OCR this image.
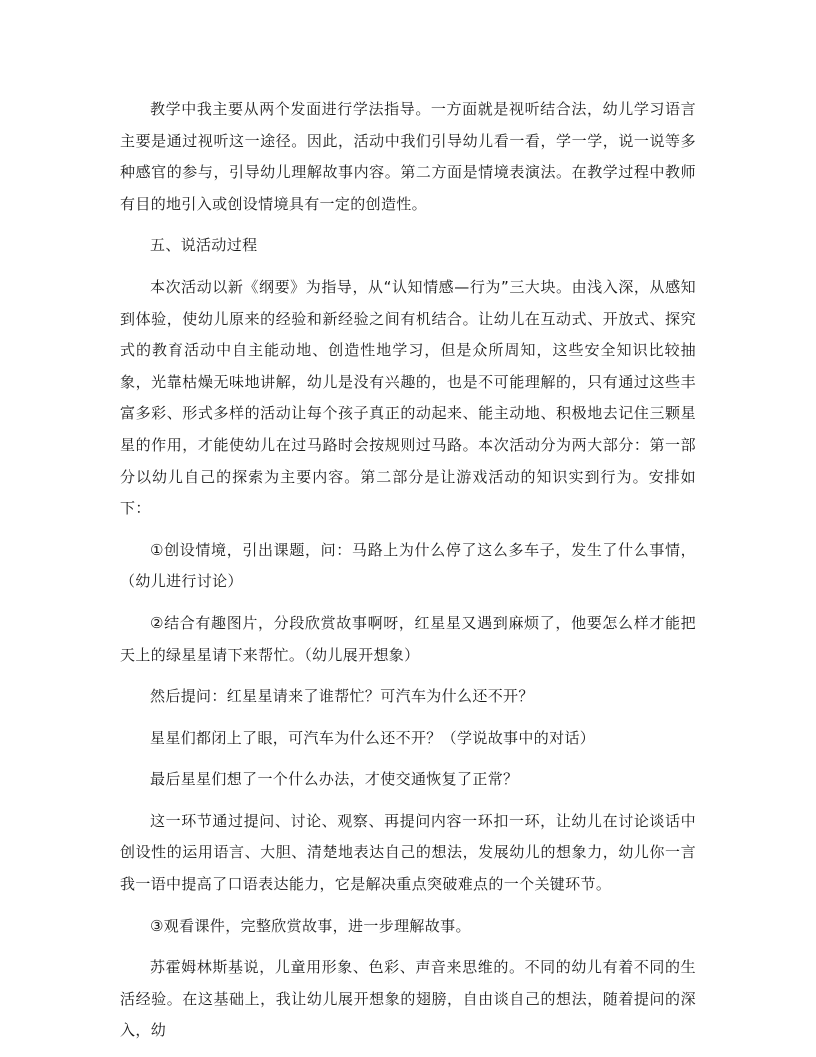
教学中我主要从两个发面进行学法指导。一方面就是视听结合法，幼儿学习语言主要是通过视听这一途径。因此，活动中我们引导幼儿看一看，学一学，说一说等多种感官的参与，引导幼儿理解故事内容。第二方面是情境表演法。在教学过程中教师有目的地引入或创设情境具有一定的创造性。

五、说活动过程

本次活动以新《纲要》为指导，从“认知情感—行为”三大块。由浅入深，从感知到体验，使幼儿原来的经验和新经验之间有机结合。让幼儿在互动式、开放式、探究式的教育活动中自主能动地、创造性地学习，但是众所周知，这些安全知识比较抽象，光靠枯燥无味地讲解，幼儿是没有兴趣的，也是不可能理解的，只有通过这些丰富多彩、形式多样的活动让每个孩子真正的动起来、能主动地、积极地去记住三颗星星的作用，才能使幼儿在过马路时会按规则过马路。本次活动分为两大部分：第一部分以幼儿自己的探索为主要内容。第二部分是让游戏活动的知识实到行为。安排如下：

①创设情境，引出课题，问：马路上为什么停了这么多车子，发生了什么事情，（幼儿进行讨论）

②结合有趣图片，分段欣赏故事啊呀，红星星又遇到麻烦了，他要怎么样才能把天上的绿星星请下来帮忙。（幼儿展开想象）

然后提问：红星星请来了谁帮忙？可汽车为什么还不开？

星星们都闭上了眼，可汽车为什么还不开？（学说故事中的对话）

最后星星们想了一个什么办法，才使交通恢复了正常？

这一环节通过提问、讨论、观察、再提问内容一环扣一环，让幼儿在讨论谈话中创设性的运用语言、大胆、清楚地表达自己的想法，发展幼儿的想象力，幼儿你一言我一语中提高了口语表达能力，它是解决重点突破难点的一个关键环节。

③观看课件，完整欣赏故事，进一步理解故事。

苏霍姆林斯基说，儿童用形象、色彩、声音来思维的。不同的幼儿有着不同的生活经验。在这基础上，我让幼儿展开想象的翅膀，自由谈自己的想法，随着提问的深入，幼
